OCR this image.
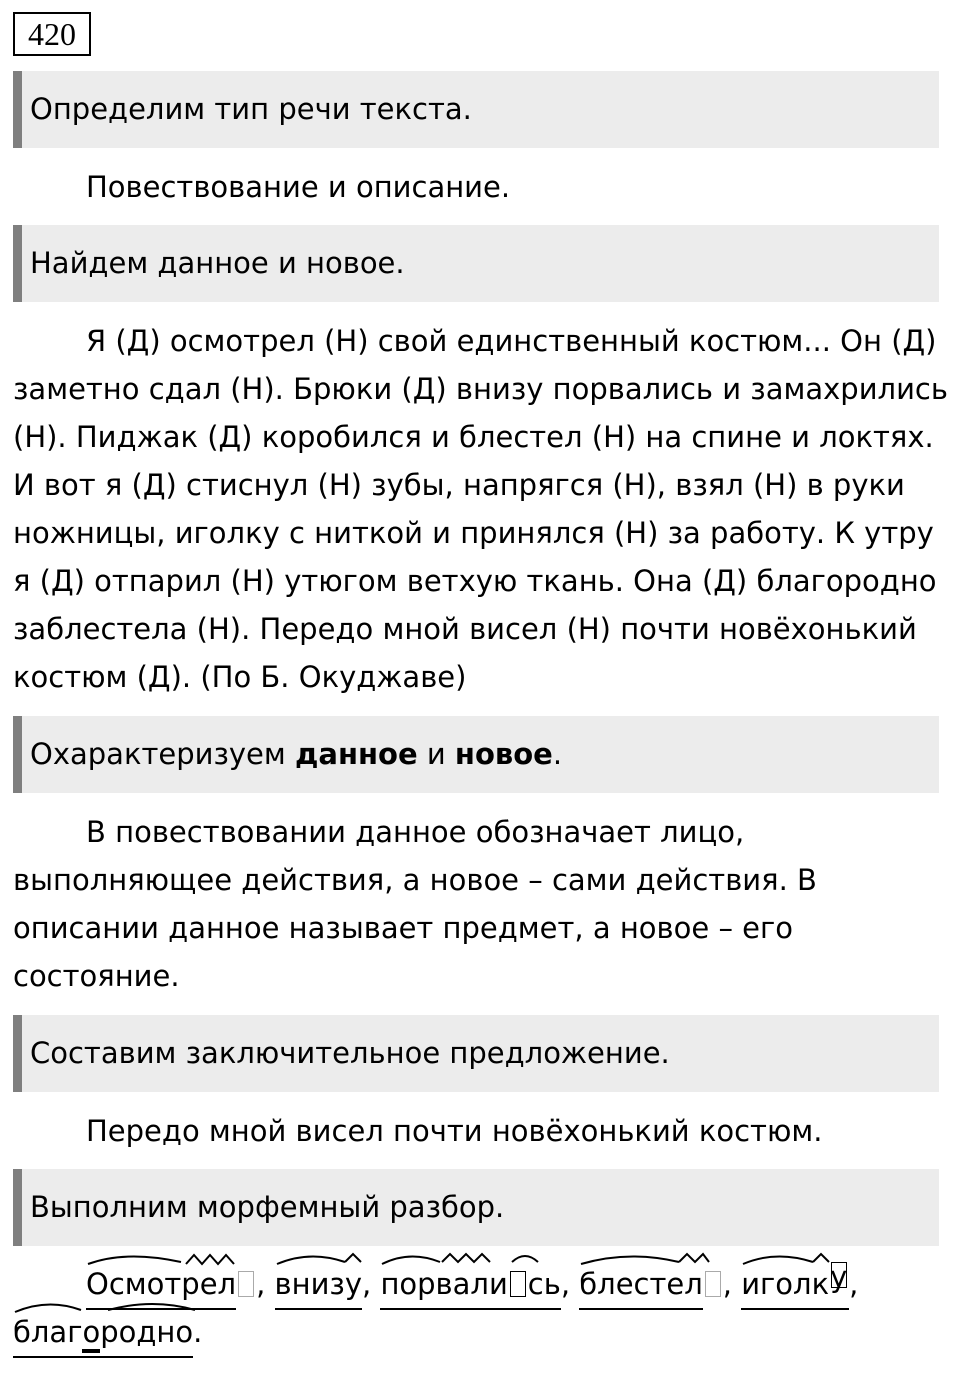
420
Определим тип речи текста.

Повествование и описание.

Найдем данное и новое.

Я (Д) осмотрел (Н) свой единственный костюм... Он (Д) заметно сдал (Н). Брюки (Д) внизу порвались и замахрились (Н). Пиджак (Д) коробился и блестел (Н) на спине и локтях. И вот я (Д) стиснул (Н) зубы, напрягся (Н), взял (Н) в руки ножницы, иголку с ниткой и принялся (Н) за работу. К утру я (Д) отпарил (Н) утюгом ветхую ткань. Она (Д) благородно заблестела (Н). Передо мной висел (Н) почти новёхонький костюм (Д). (По Б. Окуджаве)

Охарактеризуем данное и новое.

В повествовании данное обозначает лицо, выполняющее действия, а новое – сами действия. В описании данное называет предмет, а новое – его состояние.

Составим заключительное предложение.

Передо мной висел почти новёхонький костюм.

Выполним морфемный разбор.
Осмотрел ,
внизу,
порвали сь,
блестел ,
иголку,
благородно.
